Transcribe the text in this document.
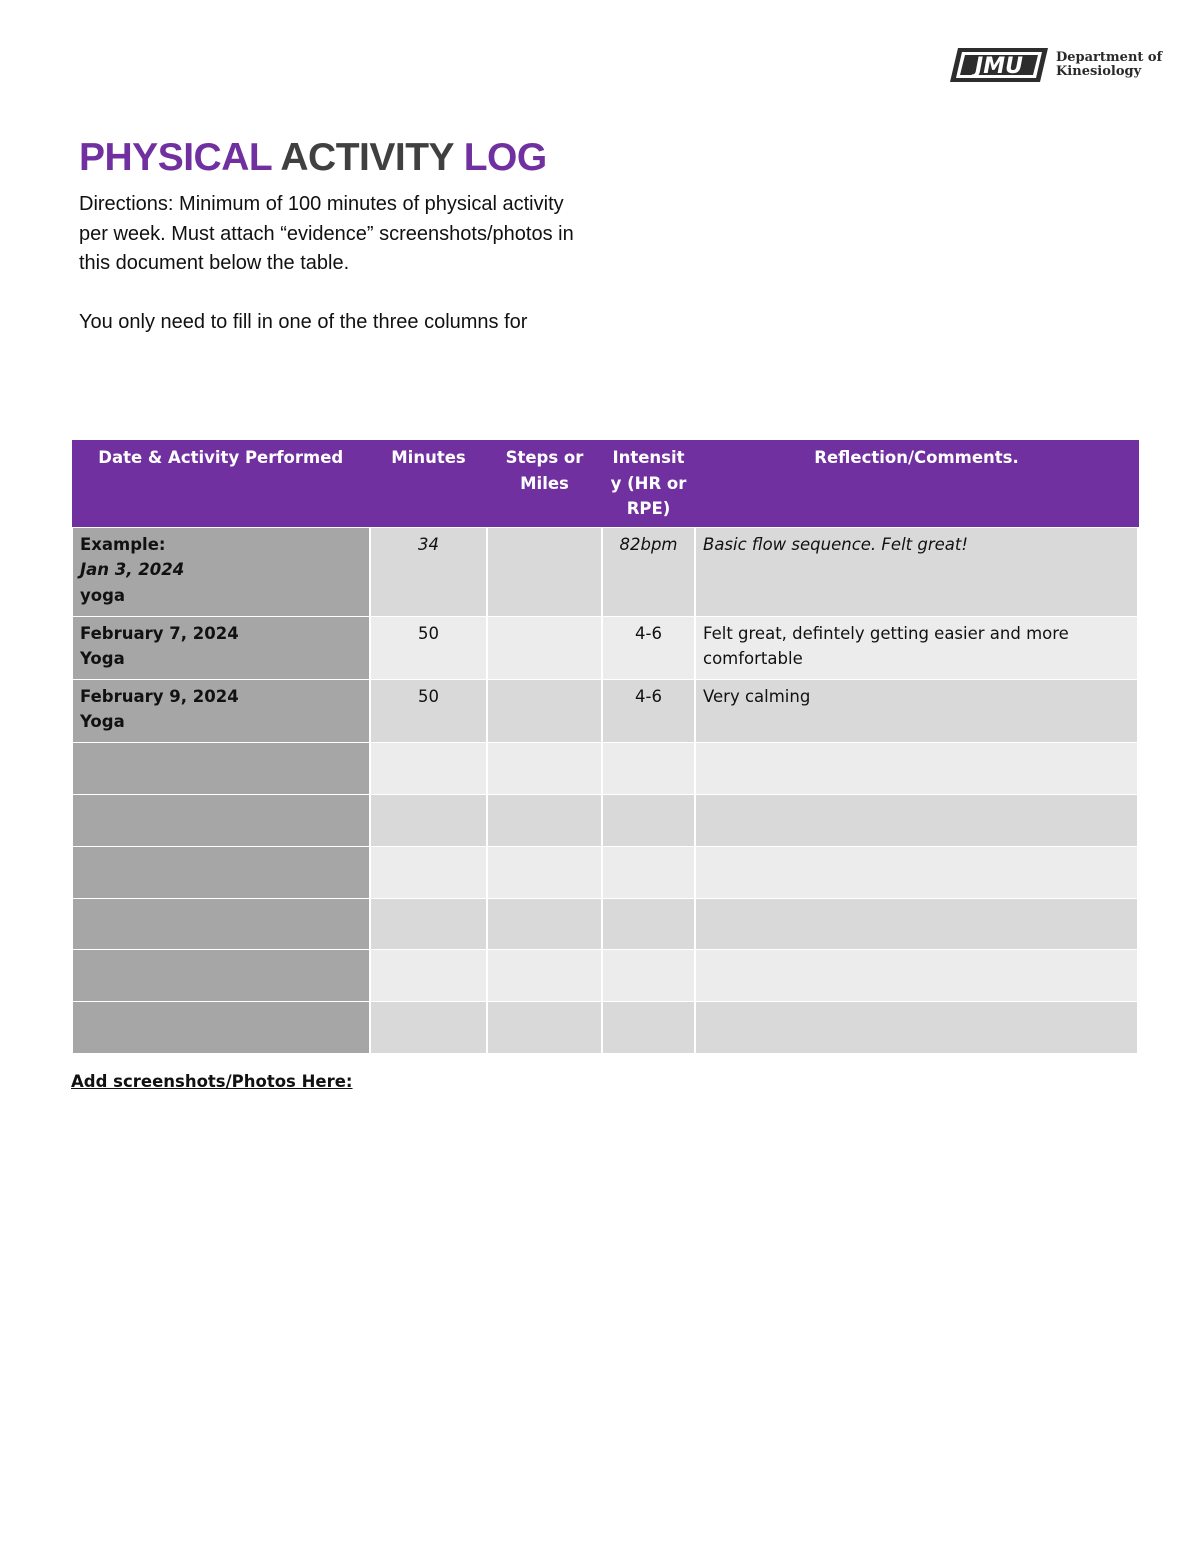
JMU	Department of
Kinesiology
PHYSICAL ACTIVITY LOG

Directions: Minimum of 100 minutes of physical activity per week. Must attach “evidence” screenshots/photos in this document below the table.

You only need to fill in one of the three columns for

Date & Activity Performed	Minutes	Steps or Miles	Intensit y (HR or RPE)	Reflection/Comments.

Example:
Jan 3, 2024
yoga	34		82bpm	Basic flow sequence. Felt great!

February 7, 2024
Yoga	50		4-6	Felt great, defintely getting easier and more comfortable

February 9, 2024
Yoga	50		4-6	Very calming

Add screenshots/Photos Here:
